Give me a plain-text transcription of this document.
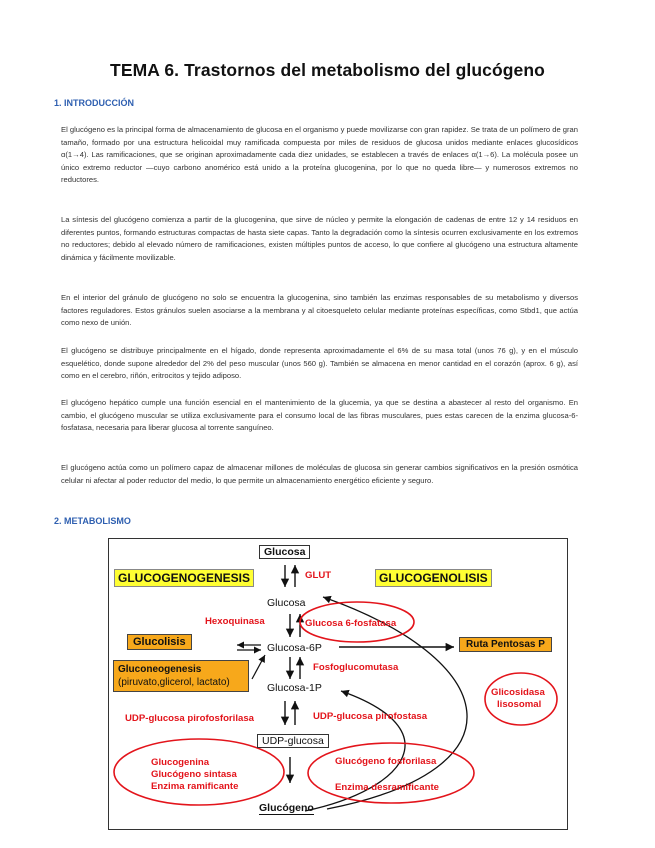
TEMA 6. Trastornos del metabolismo del glucógeno
1. INTRODUCCIÓN

El glucógeno es la principal forma de almacenamiento de glucosa en el organismo y puede movilizarse con gran rapidez. Se trata de un polímero de gran tamaño, formado por una estructura helicoidal muy ramificada compuesta por miles de residuos de glucosa unidos mediante enlaces glucosídicos α(1→4). Las ramificaciones, que se originan aproximadamente cada diez unidades, se establecen a través de enlaces α(1→6). La molécula posee un único extremo reductor —cuyo carbono anomérico está unido a la proteína glucogenina, por lo que no queda libre— y numerosos extremos no reductores.

La síntesis del glucógeno comienza a partir de la glucogenina, que sirve de núcleo y permite la elongación de cadenas de entre 12 y 14 residuos en diferentes puntos, formando estructuras compactas de hasta siete capas. Tanto la degradación como la síntesis ocurren exclusivamente en los extremos no reductores; debido al elevado número de ramificaciones, existen múltiples puntos de acceso, lo que confiere al glucógeno una estructura altamente dinámica y fácilmente movilizable.

En el interior del gránulo de glucógeno no solo se encuentra la glucogenina, sino también las enzimas responsables de su metabolismo y diversos factores reguladores. Estos gránulos suelen asociarse a la membrana y al citoesqueleto celular mediante proteínas específicas, como Stbd1, que actúa como nexo de unión.

El glucógeno se distribuye principalmente en el hígado, donde representa aproximadamente el 6% de su masa total (unos 76 g), y en el músculo esquelético, donde supone alrededor del 2% del peso muscular (unos 560 g). También se almacena en menor cantidad en el corazón (aprox. 6 g), así como en el cerebro, riñón, eritrocitos y tejido adiposo.

El glucógeno hepático cumple una función esencial en el mantenimiento de la glucemia, ya que se destina a abastecer al resto del organismo. En cambio, el glucógeno muscular se utiliza exclusivamente para el consumo local de las fibras musculares, pues estas carecen de la enzima glucosa-6-fosfatasa, necesaria para liberar glucosa al torrente sanguíneo.

El glucógeno actúa como un polímero capaz de almacenar millones de moléculas de glucosa sin generar cambios significativos en la presión osmótica celular ni afectar al poder reductor del medio, lo que permite un almacenamiento energético eficiente y seguro.

2. METABOLISMO
Glucosa
GLUT
GLUCOGENOGENESIS	GLUCOGENOLISIS
Glucosa
Hexoquinasa	Glucosa 6-fosfatasa
Glucolisis	Glucosa-6P	Ruta Pentosas P
Gluconeogenesis
(piruvato,glicerol, lactato)
Fosfoglucomutasa
Glucosa-1P	Glicosidasa
lisosomal
UDP-glucosa pirofosforilasa	UDP-glucosa pirofostasa
UDP-glucosa
Glucogenina
Glucógeno sintasa
Enzima ramificante
Glucógeno fosforilasa
Enzima desramificante
Glucógeno
